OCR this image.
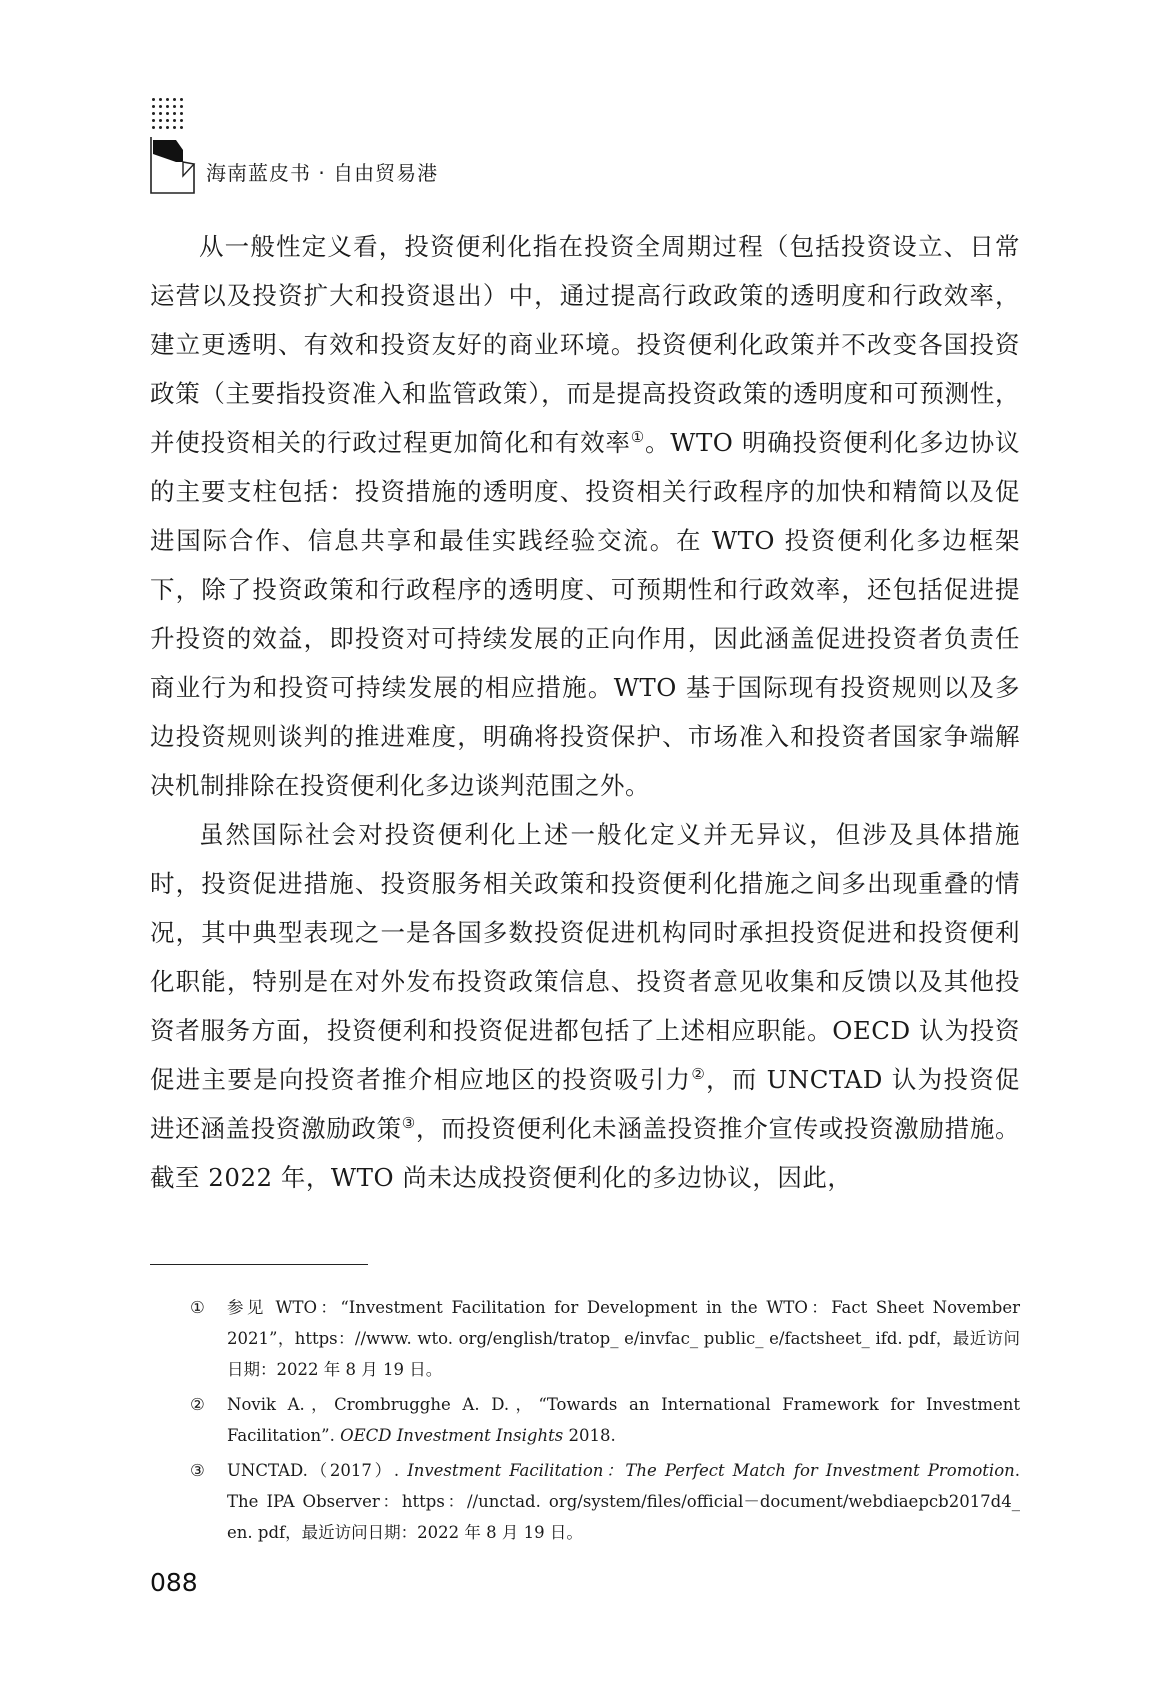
海南蓝皮书 · 自由贸易港

从一般性定义看，投资便利化指在投资全周期过程（包括投资设立、日常运营以及投资扩大和投资退出）中，通过提高行政政策的透明度和行政效率，建立更透明、有效和投资友好的商业环境。投资便利化政策并不改变各国投资政策（主要指投资准入和监管政策），而是提高投资政策的透明度和可预测性，并使投资相关的行政过程更加简化和有效率①。WTO 明确投资便利化多边协议的主要支柱包括：投资措施的透明度、投资相关行政程序的加快和精简以及促进国际合作、信息共享和最佳实践经验交流。在 WTO 投资便利化多边框架下，除了投资政策和行政程序的透明度、可预期性和行政效率，还包括促进提升投资的效益，即投资对可持续发展的正向作用，因此涵盖促进投资者负责任商业行为和投资可持续发展的相应措施。WTO 基于国际现有投资规则以及多边投资规则谈判的推进难度，明确将投资保护、市场准入和投资者国家争端解决机制排除在投资便利化多边谈判范围之外。

虽然国际社会对投资便利化上述一般化定义并无异议，但涉及具体措施时，投资促进措施、投资服务相关政策和投资便利化措施之间多出现重叠的情况，其中典型表现之一是各国多数投资促进机构同时承担投资促进和投资便利化职能，特别是在对外发布投资政策信息、投资者意见收集和反馈以及其他投资者服务方面，投资便利和投资促进都包括了上述相应职能。OECD 认为投资促进主要是向投资者推介相应地区的投资吸引力②，而 UNCTAD 认为投资促进还涵盖投资激励政策③，而投资便利化未涵盖投资推介宣传或投资激励措施。截至 2022 年，WTO 尚未达成投资便利化的多边协议，因此，

① 参见 WTO：“Investment Facilitation for Development in the WTO：Fact Sheet November 2021”，https：//www. wto. org/english/tratop_ e/invfac_ public_ e/factsheet_ ifd. pdf，最近访问日期：2022 年 8 月 19 日。
② Novik A.，Crombrugghe A. D.，“Towards an International Framework for Investment Facilitation”. OECD Investment Insights 2018.
③ UNCTAD.（2017）. Investment Facilitation：The Perfect Match for Investment Promotion. The IPA Observer：https：//unctad. org/system/files/official－document/webdiaepcb2017d4_ en. pdf，最近访问日期：2022 年 8 月 19 日。
088
